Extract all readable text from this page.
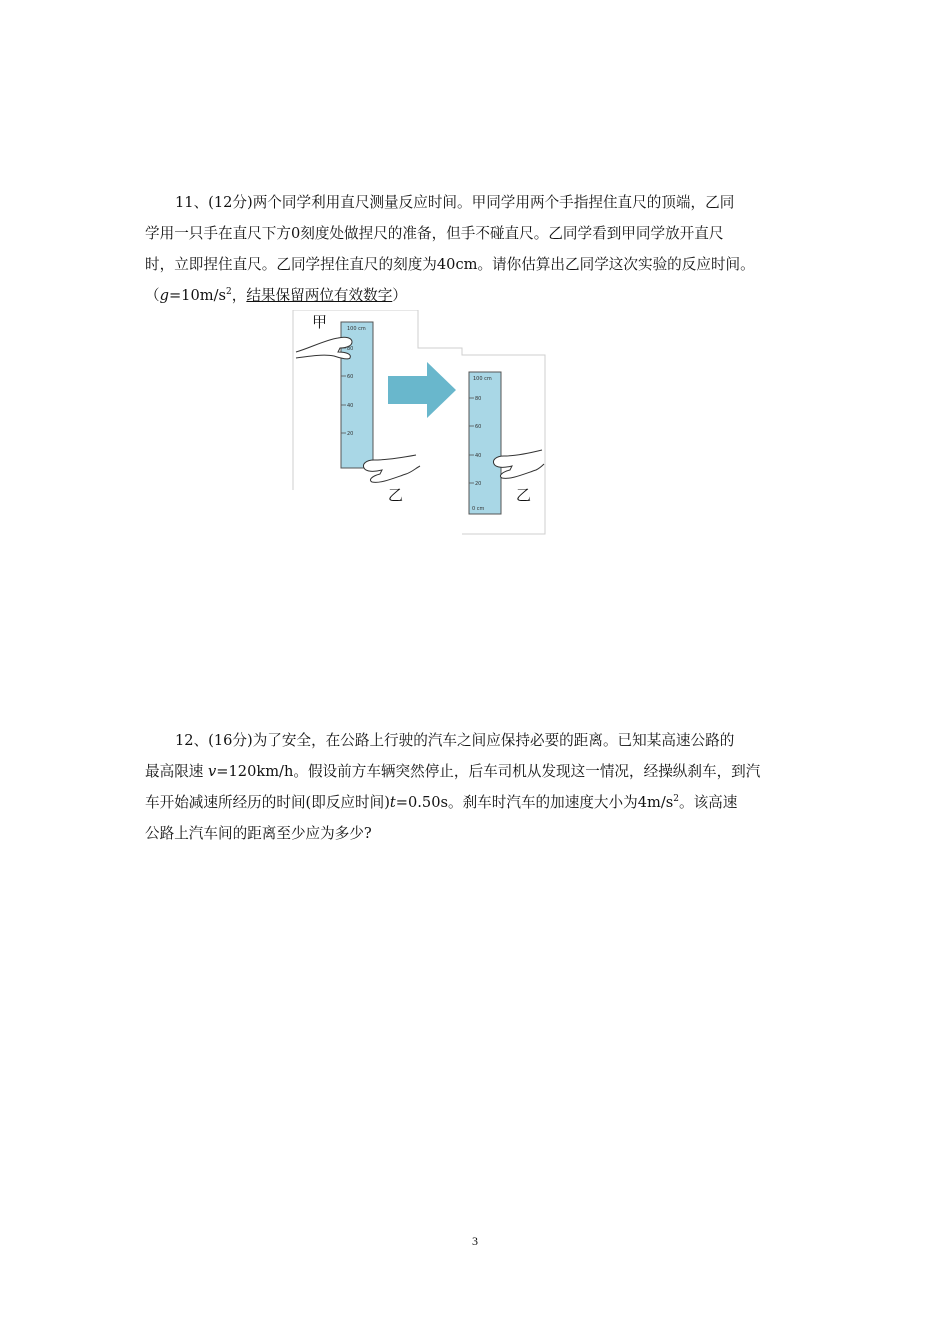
11、(12分)两个同学利用直尺测量反应时间。甲同学用两个手指捏住直尺的顶端，乙同
学用一只手在直尺下方0刻度处做捏尺的准备，但手不碰直尺。乙同学看到甲同学放开直尺
时，立即捏住直尺。乙同学捏住直尺的刻度为40cm。请你估算出乙同学这次实验的反应时间。
（$g=10m/s^2$，结果保留两位有效数字）
100 cm
80
60
40
20
甲
乙
100 cm
80
60
40
20
0 cm
乙
12、(16分)为了安全，在公路上行驶的汽车之间应保持必要的距离。已知某高速公路的
最高限速 v=120km/h。假设前方车辆突然停止，后车司机从发现这一情况，经操纵刹车，到汽
车开始减速所经历的时间(即反应时间)t=0.50s。刹车时汽车的加速度大小为$4m/s^2$。该高速
公路上汽车间的距离至少应为多少?
3
